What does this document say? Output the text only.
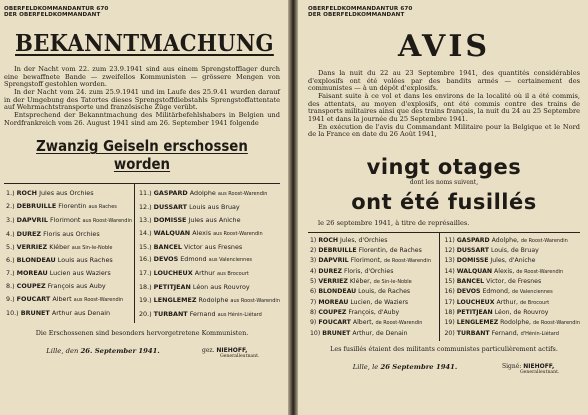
OBERFELDKOMMANDANTUR 670
DER OBERFELDKOMMANDANT
BEKANNTMACHUNG

In der Nacht vom 22. zum 23.9.1941 sind aus einem Sprengstofflager durch eine bewaffnete Bande — zweifellos Kommunisten — grössere Mengen von Sprengstoff gestohlen worden.

In der Nacht vom 24. zum 25.9.1941 und im Laufe des 25.9.41 wurden darauf in der Umgebung des Tatortes dieses Sprengstoffdiebstahls Sprengstoffattentate auf Wehrmachtstransporte und französische Züge verübt.

Entsprechend der Bekanntmachung des Militärbefehlshabers in Belgien und Nordfrankreich vom 26. August 1941 sind am 26. September 1941 folgende

Zwanzig Geiseln erschossen worden
1.) ROCH Jules aus Orchies
2.) DEBRUILLE Florentin aus Raches
3.) DAPVRIL Florimont aus Roost-Warendin
4.) DUREZ Floris aus Orchies
5.) VERRIEZ Kléber aus Sin-le-Noble
6.) BLONDEAU Louis aus Raches
7.) MOREAU Lucien aus Waziers
8.) COUPEZ François aus Auby
9.) FOUCART Albert aus Roost-Warendin
10.) BRUNET Arthur aus Denain
11.) GASPARD Adolphe aus Roost-Warendin
12.) DUSSART Louis aus Bruay
13.) DOMISSE Jules aus Aniche
14.) WALQUAN Alexis aus Roost-Warendin
15.) BANCEL Victor aus Fresnes
16.) DEVOS Edmond aus Valenciennes
17.) LOUCHEUX Arthur aus Brocourt
18.) PETITJEAN Léon aus Rouvroy
19.) LENGLEMEZ Rodolphe aus Roost-Warendin
20.) TURBANT Fernand aus Hénin-Liétard

Die Erschossenen sind besonders hervorgetretene Kommunisten.

Lille, den 26. September 1941.	gez. NIEHOFF,
Generalleutnant.
OBERFELDKOMMANDANTUR 670
DER OBERFELDKOMMANDANT
AVIS

Dans la nuit du 22 au 23 Septembre 1941, des quantités considérables d'explosifs ont été volées par des bandits armés — certainement des communistes — à un dépôt d'explosifs.

Faisant suite à ce vol et dans les environs de la localité où il a été commis, des attentats, au moyen d'explosifs, ont été commis contre des trains de transports militaires ainsi que des trains français, la nuit du 24 au 25 Septembre 1941 et dans la journée du 25 Septembre 1941.

En exécution de l'avis du Commandant Militaire pour la Belgique et le Nord de la France en date du 26 Août 1941,

vingt otages

dont les noms suivent,

ont été fusillés

le 26 septembre 1941, à titre de représailles.

1) ROCH Jules, d'Orchies
2) DEBRUILLE Florentin, de Raches
3) DAPVRIL Florimont, de Roost-Warendin
4) DUREZ Floris, d'Orchies
5) VERRIEZ Kléber, de Sin-le-Noble
6) BLONDEAU Louis, de Raches
7) MOREAU Lucien, de Waziers
8) COUPEZ François, d'Auby
9) FOUCART Albert, de Roost-Warendin
10) BRUNET Arthur, de Denain
11) GASPARD Adolphe, de Roost-Warendin
12) DUSSART Louis, de Bruay
13) DOMISSE Jules, d'Aniche
14) WALQUAN Alexis, de Roost-Warendin
15) BANCEL Victor, de Fresnes
16) DEVOS Edmond, de Valenciennes
17) LOUCHEUX Arthur, de Brocourt
18) PETITJEAN Léon, de Rouvroy
19) LENGLEMEZ Rodolphe, de Roost-Warendin
20) TURBANT Fernand, d'Hénin-Liétard

Les fusillés étaient des militants communistes particulièrement actifs.

Lille, le 26 Septembre 1941.	Signé: NIEHOFF,
Generalleutnant.
